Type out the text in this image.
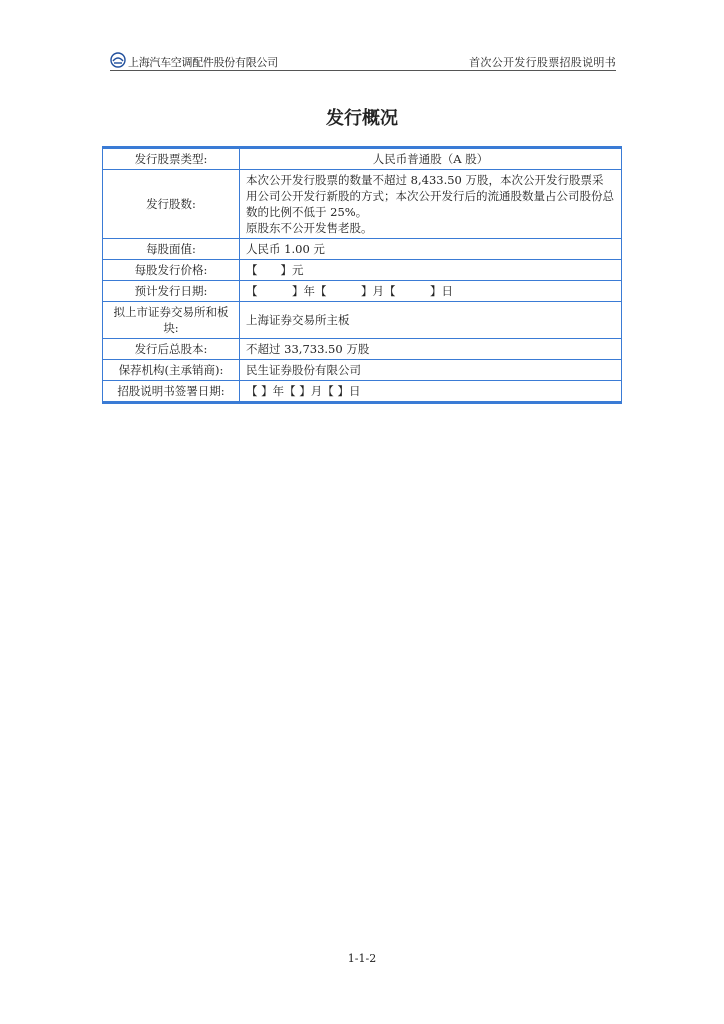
上海汽车空调配件股份有限公司	首次公开发行股票招股说明书
发行概况
发行股票类型:	人民币普通股（A 股）
发行股数:	本次公开发行股票的数量不超过 8,433.50 万股，本次公开发行股票采用公司公开发行新股的方式；本次公开发行后的流通股数量占公司股份总数的比例不低于 25%。
原股东不公开发售老股。

每股面值:	人民币 1.00 元
每股发行价格:	【　　】元
预计发行日期:	【　　　】年【　　　】月【　　　】日
拟上市证券交易所和板块:	上海证券交易所主板
发行后总股本:	不超过 33,733.50 万股
保荐机构(主承销商):	民生证券股份有限公司
招股说明书签署日期:	【 】年【 】月【 】日
1-1-2
